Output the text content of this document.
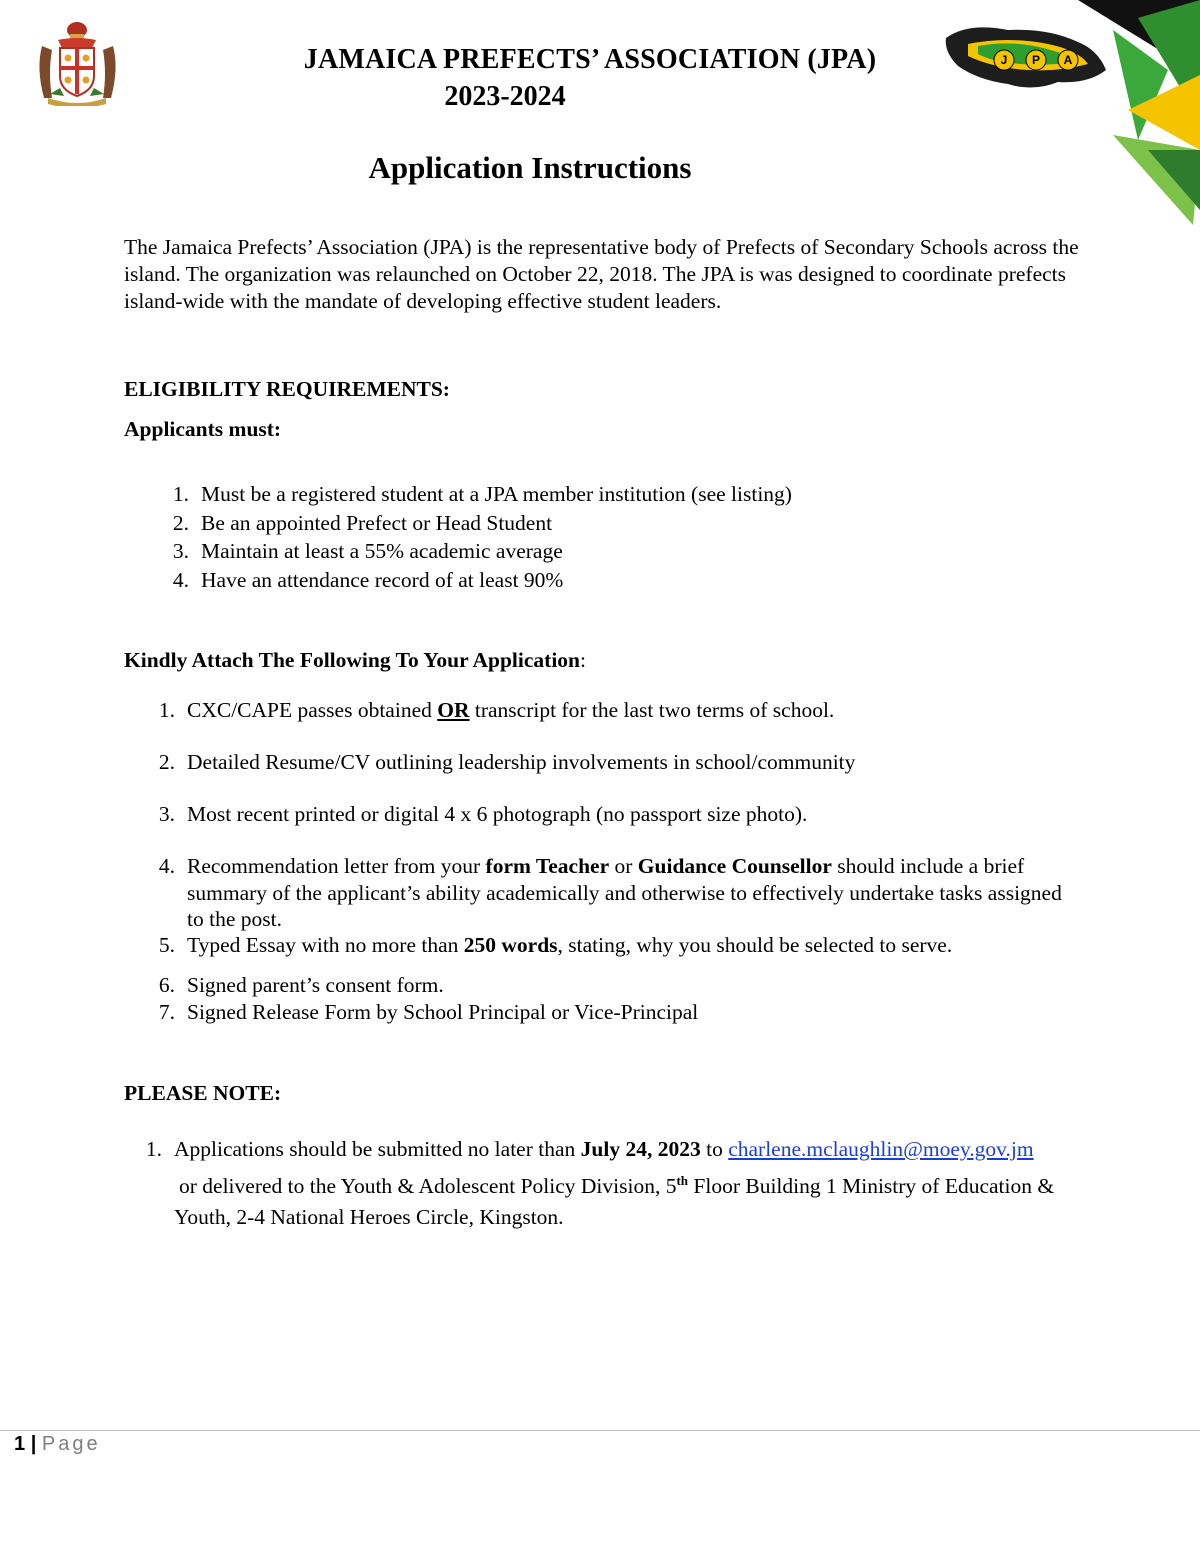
J P A
JAMAICA PREFECTS’ ASSOCIATION (JPA)
2023-2024
Application Instructions
The Jamaica Prefects’ Association (JPA) is the representative body of Prefects of Secondary Schools across the island. The organization was relaunched on October 22, 2018. The JPA is was designed to coordinate prefects island-wide with the mandate of developing effective student leaders.
ELIGIBILITY REQUIREMENTS:
Applicants must:
1. Must be a registered student at a JPA member institution (see listing)
2. Be an appointed Prefect or Head Student
3. Maintain at least a 55% academic average
4. Have an attendance record of at least 90%
Kindly Attach The Following To Your Application:
1. CXC/CAPE passes obtained OR transcript for the last two terms of school.
2. Detailed Resume/CV outlining leadership involvements in school/community
3. Most recent printed or digital 4 x 6 photograph (no passport size photo).
4. Recommendation letter from your form Teacher or Guidance Counsellor should include a brief summary of the applicant’s ability academically and otherwise to effectively undertake tasks assigned to the post.
5. Typed Essay with no more than 250 words, stating, why you should be selected to serve.
6. Signed parent’s consent form.
7. Signed Release Form by School Principal or Vice-Principal
PLEASE NOTE:
1. Applications should be submitted no later than July 24, 2023 to charlene.mclaughlin@moey.gov.jm
or delivered to the Youth & Adolescent Policy Division, 5th Floor Building 1 Ministry of Education &
Youth, 2-4 National Heroes Circle, Kingston.
1 | Page
